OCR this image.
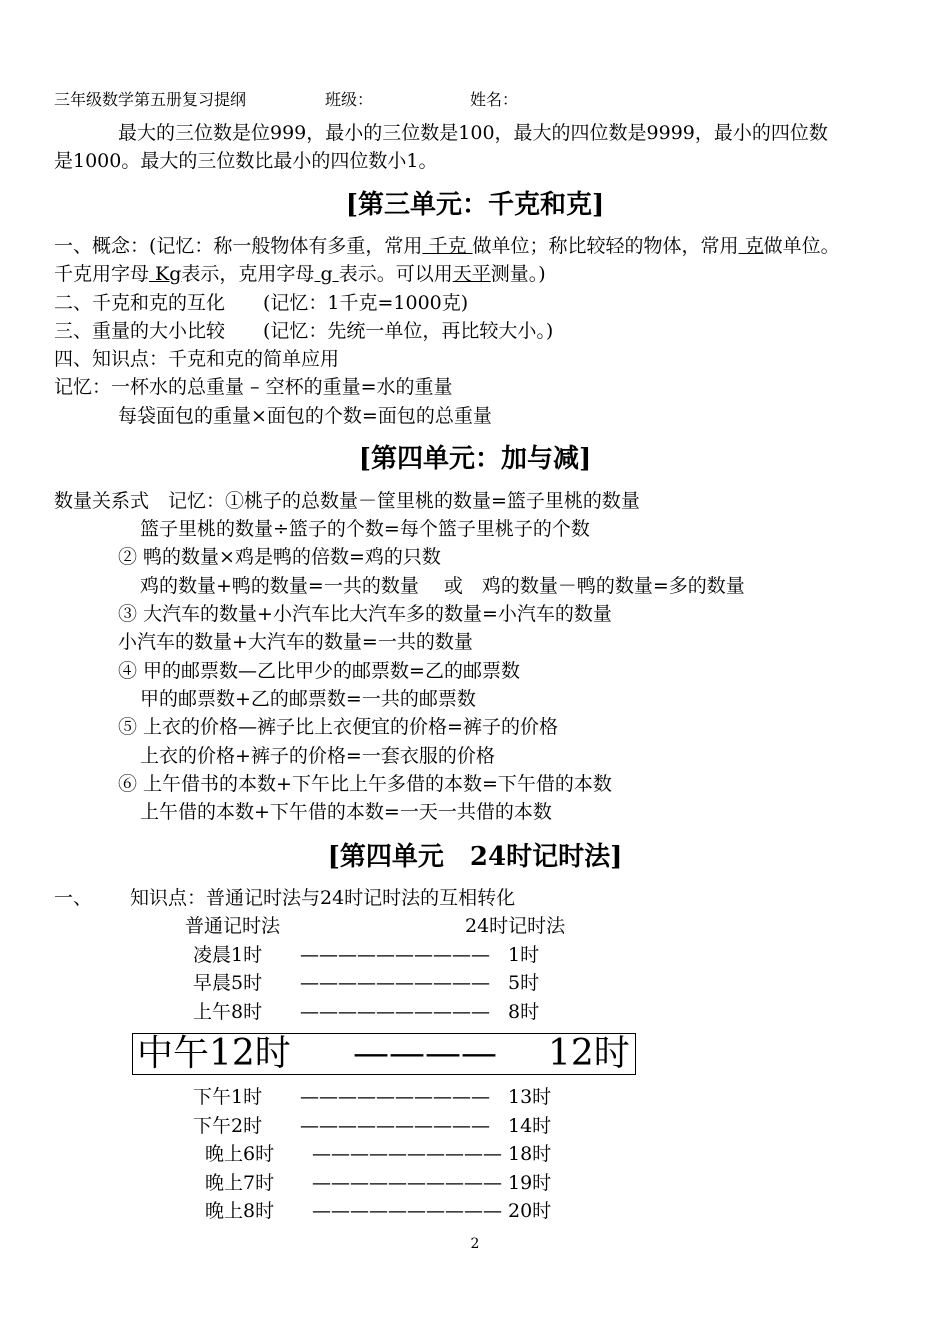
三年级数学第五册复习提纲	班级：	姓名：
最大的三位数是位999，最小的三位数是100，最大的四位数是9999，最小的四位数
是1000。最大的三位数比最小的四位数小1。
[第三单元：千克和克]
一、概念：(记忆：称一般物体有多重，常用 千克 做单位；称比较轻的物体，常用 克做单位。
千克用字母 Kg表示，克用字母 g 表示。可以用天平测量。)
二、千克和克的互化　　(记忆：1千克=1000克)
三、重量的大小比较　　(记忆：先统一单位，再比较大小。)
四、知识点：千克和克的简单应用
记忆：一杯水的总重量 – 空杯的重量=水的重量
每袋面包的重量×面包的个数=面包的总重量
[第四单元：加与减]
数量关系式　记忆：①桃子的总数量－筐里桃的数量=篮子里桃的数量
篮子里桃的数量÷篮子的个数=每个篮子里桃子的个数
② 鸭的数量×鸡是鸭的倍数=鸡的只数
鸡的数量+鸭的数量=一共的数量　 或　鸡的数量－鸭的数量=多的数量
③ 大汽车的数量+小汽车比大汽车多的数量=小汽车的数量
小汽车的数量+大汽车的数量=一共的数量
④ 甲的邮票数—乙比甲少的邮票数=乙的邮票数
甲的邮票数+乙的邮票数=一共的邮票数
⑤ 上衣的价格—裤子比上衣便宜的价格=裤子的价格
上衣的价格+裤子的价格=一套衣服的价格
⑥ 上午借书的本数+下午比上午多借的本数=下午借的本数
上午借的本数+下午借的本数=一天一共借的本数
[第四单元　24时记时法]
一、 知识点：普通记时法与24时记时法的互相转化
普通记时法	24时记时法
凌晨1时 —————————— 1时
早晨5时 —————————— 5时
上午8时 —————————— 8时
中午12时 ———— 12时
下午1时 —————————— 13时
下午2时 —————————— 14时
晚上6时 —————————— 18时
晚上7时 —————————— 19时
晚上8时 —————————— 20时
2
